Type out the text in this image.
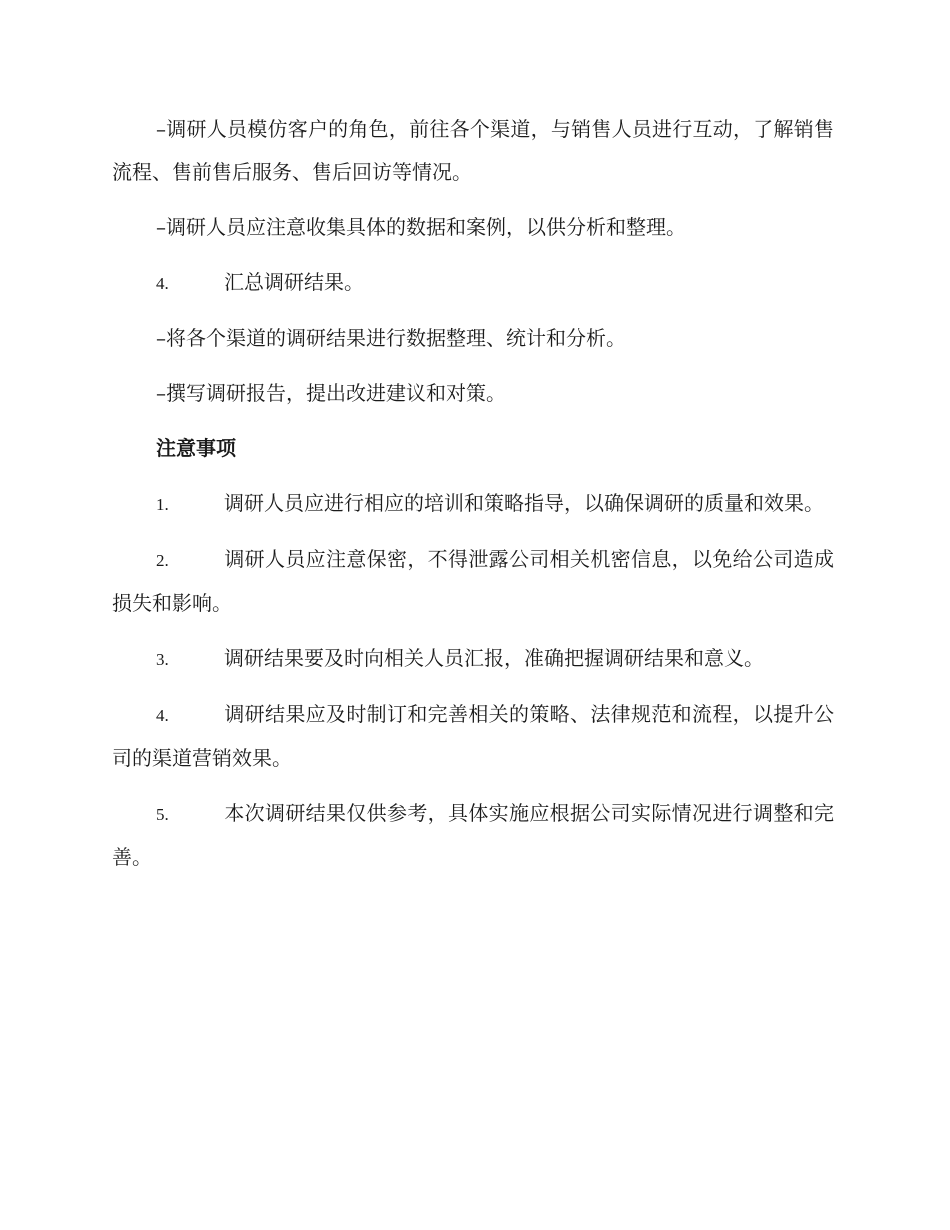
–调研人员模仿客户的角色，前往各个渠道，与销售人员进行互动，了解销售流程、售前售后服务、售后回访等情况。

–调研人员应注意收集具体的数据和案例，以供分析和整理。

4.	汇总调研结果。

–将各个渠道的调研结果进行数据整理、统计和分析。

–撰写调研报告，提出改进建议和对策。

注意事项

1.	调研人员应进行相应的培训和策略指导，以确保调研的质量和效果。

2.	调研人员应注意保密，不得泄露公司相关机密信息，以免给公司造成损失和影响。

3.	调研结果要及时向相关人员汇报，准确把握调研结果和意义。

4.	调研结果应及时制订和完善相关的策略、法律规范和流程，以提升公司的渠道营销效果。

5.	本次调研结果仅供参考，具体实施应根据公司实际情况进行调整和完善。
